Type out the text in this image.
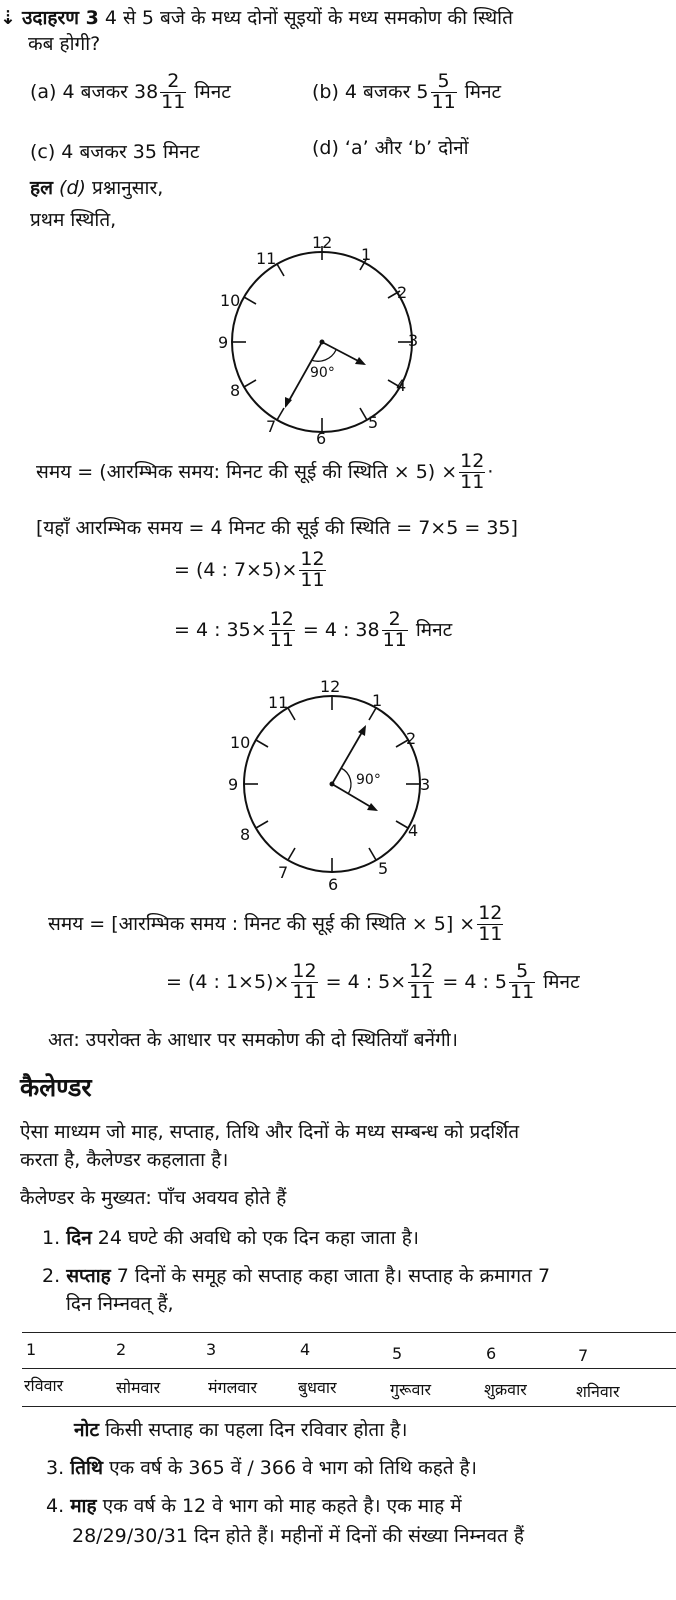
⇣ उदाहरण 3 4 से 5 बजे के मध्य दोनों सूइयों के मध्य समकोण की स्थिति
कब होगी?
(a) 4 बजकर $38 \frac{2}{11}$ मिनट	(b) 4 बजकर $5 \frac{5}{11}$ मिनट
(c) 4 बजकर 35 मिनट	(d) ‘a’ और ‘b’ दोनों
हल (d) प्रश्नानुसार,
प्रथम स्थिति,
12
1
2
3
4
5
6
7
8
9
10
11
90°
समय = (आरम्भिक समय: मिनट की सूई की स्थिति × $5) \times \frac{12}{11}$ ·
[यहाँ आरम्भिक समय = 4 मिनट की सूई की स्थिति = 7×5 = 35]
= (4 : $7\times 5)\times \frac{12}{11}$
= 4 : $35\times \frac{12}{11} = 4$ : $38 \frac{2}{11}$ मिनट
12
1
2
3
4
5
6
7
8
9
10
11
90°
समय = [आरम्भिक समय : मिनट की सूई की स्थिति × $5] \times \frac{12}{11}$
= (4 : $1\times 5)\times \frac{12}{11} = 4$ : $5\times \frac{12}{11} = 4$ : $5 \frac{5}{11}$ मिनट
अत: उपरोक्त के आधार पर समकोण की दो स्थितियाँ बनेंगी।
कैलेण्डर
ऐसा माध्यम जो माह, सप्ताह, तिथि और दिनों के मध्य सम्बन्ध को प्रदर्शित
करता है, कैलेण्डर कहलाता है।
कैलेण्डर के मुख्यत: पाँच अवयव होते हैं
1. दिन 24 घण्टे की अवधि को एक दिन कहा जाता है।
2. सप्ताह 7 दिनों के समूह को सप्ताह कहा जाता है। सप्ताह के क्रमागत 7
दिन निम्नवत् हैं,
1	2	3	4	5	6	7
रविवार	सोमवार	मंगलवार	बुधवार	गुरूवार	शुक्रवार	शनिवार
नोट किसी सप्ताह का पहला दिन रविवार होता है।
3. तिथि एक वर्ष के 365 वें / 366 वे भाग को तिथि कहते है।
4. माह एक वर्ष के 12 वे भाग को माह कहते है। एक माह में
28/29/30/31 दिन होते हैं। महीनों में दिनों की संख्या निम्नवत हैं
